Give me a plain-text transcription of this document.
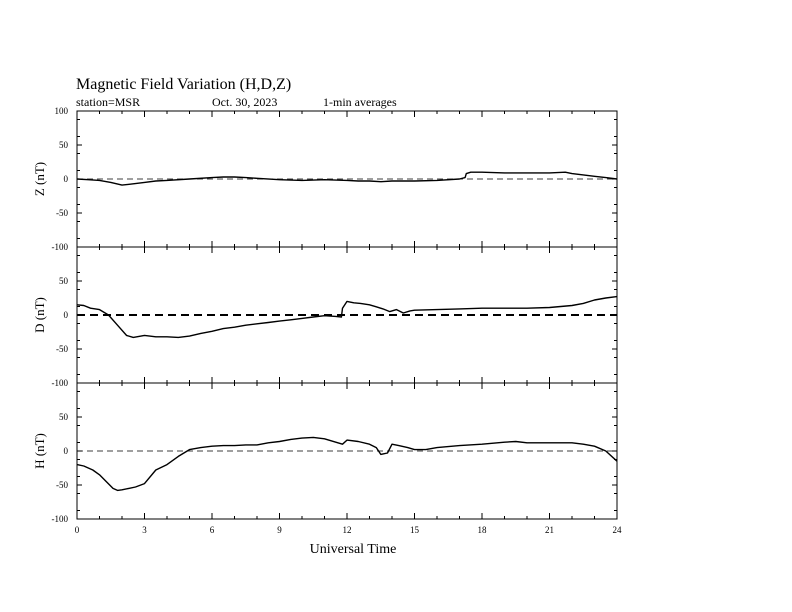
Magnetic Field Variation (H,D,Z)
station=MSR	Oct. 30, 2023	1-min averages
-100
-50
0
50
100
Z (nT)
-100
-50
0
50
D (nT)
-100
-50
0
50
H (nT)
0	3	6	9	12	15	18	21	24
Universal Time
